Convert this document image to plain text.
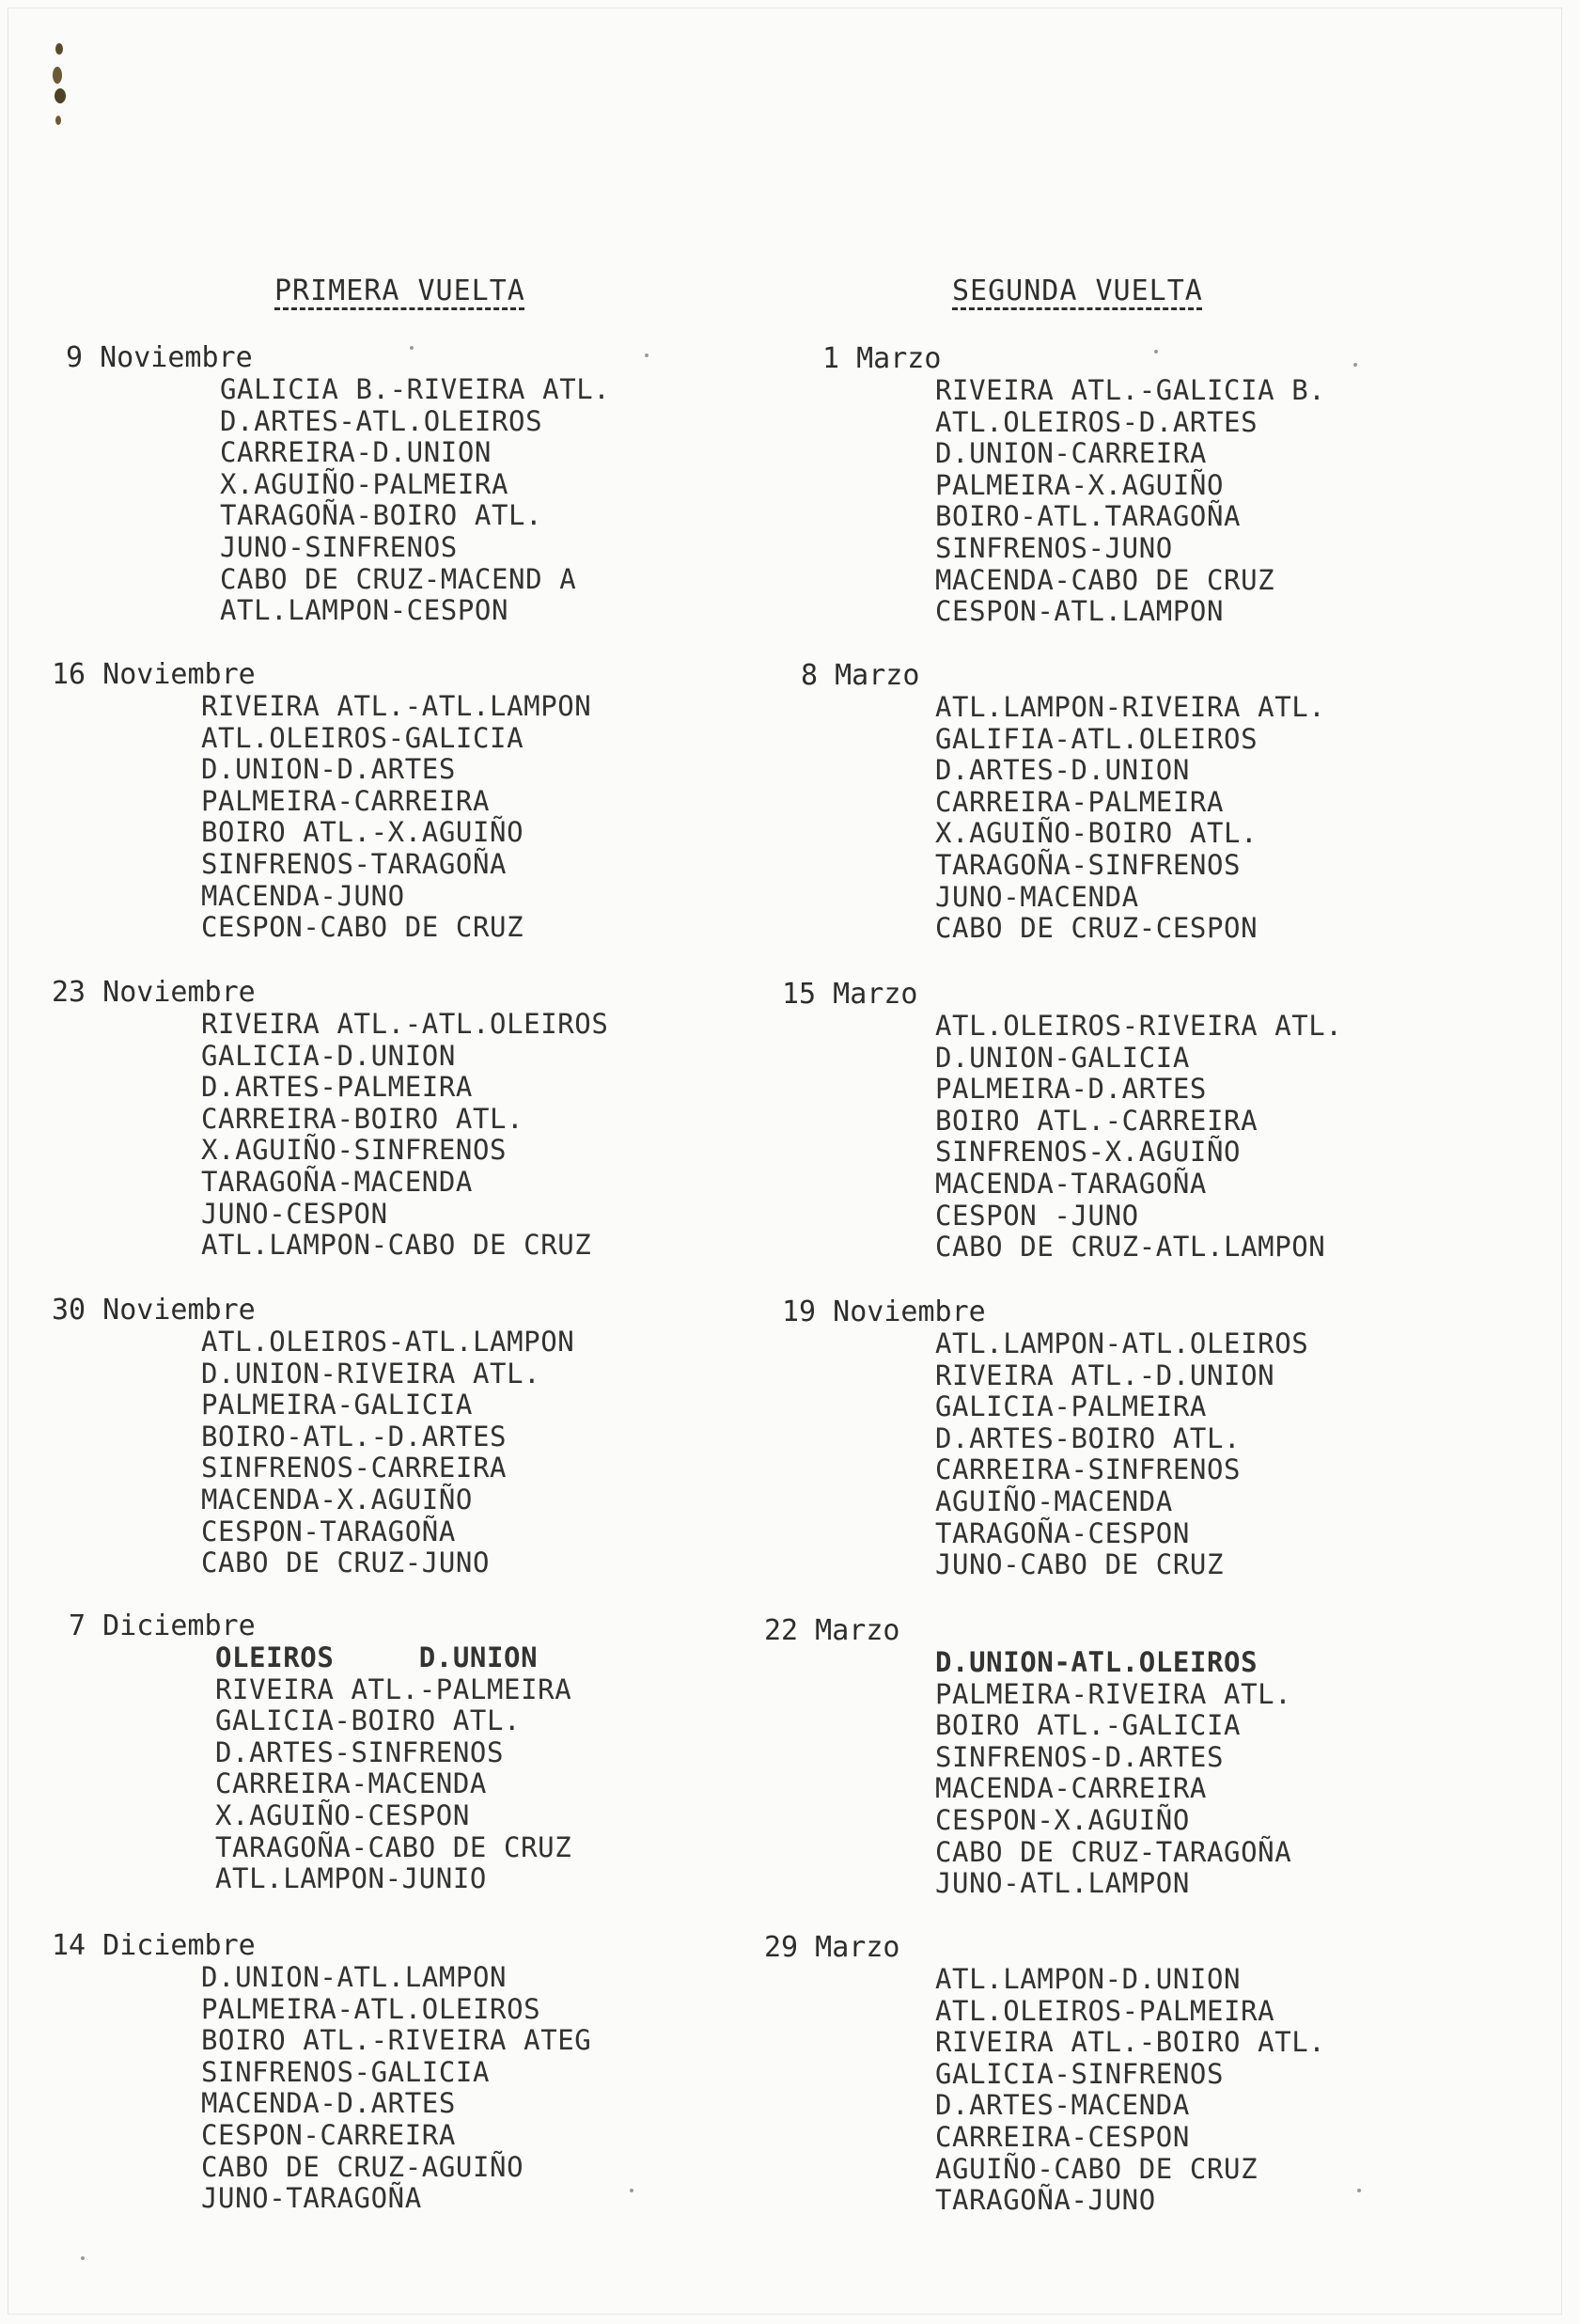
PRIMERA VUELTA	SEGUNDA VUELTA
9 Noviembre
GALICIA B.-RIVEIRA ATL.
D.ARTES-ATL.OLEIROS
CARREIRA-D.UNION
X.AGUIÑO-PALMEIRA
TARAGOÑA-BOIRO ATL.
JUNO-SINFRENOS
CABO DE CRUZ-MACEND A
ATL.LAMPON-CESPON
16 Noviembre
RIVEIRA ATL.-ATL.LAMPON
ATL.OLEIROS-GALICIA
D.UNION-D.ARTES
PALMEIRA-CARREIRA
BOIRO ATL.-X.AGUIÑO
SINFRENOS-TARAGOÑA
MACENDA-JUNO
CESPON-CABO DE CRUZ
23 Noviembre
RIVEIRA ATL.-ATL.OLEIROS
GALICIA-D.UNION
D.ARTES-PALMEIRA
CARREIRA-BOIRO ATL.
X.AGUIÑO-SINFRENOS
TARAGOÑA-MACENDA
JUNO-CESPON
ATL.LAMPON-CABO DE CRUZ
30 Noviembre
ATL.OLEIROS-ATL.LAMPON
D.UNION-RIVEIRA ATL.
PALMEIRA-GALICIA
BOIRO-ATL.-D.ARTES
SINFRENOS-CARREIRA
MACENDA-X.AGUIÑO
CESPON-TARAGOÑA
CABO DE CRUZ-JUNO
7 Diciembre
OLEIROS     D.UNION
RIVEIRA ATL.-PALMEIRA
GALICIA-BOIRO ATL.
D.ARTES-SINFRENOS
CARREIRA-MACENDA
X.AGUIÑO-CESPON
TARAGOÑA-CABO DE CRUZ
ATL.LAMPON-JUNIO
14 Diciembre
D.UNION-ATL.LAMPON
PALMEIRA-ATL.OLEIROS
BOIRO ATL.-RIVEIRA ATEG
SINFRENOS-GALICIA
MACENDA-D.ARTES
CESPON-CARREIRA
CABO DE CRUZ-AGUIÑO
JUNO-TARAGOÑA
1 Marzo
RIVEIRA ATL.-GALICIA B.
ATL.OLEIROS-D.ARTES
D.UNION-CARREIRA
PALMEIRA-X.AGUIÑO
BOIRO-ATL.TARAGOÑA
SINFRENOS-JUNO
MACENDA-CABO DE CRUZ
CESPON-ATL.LAMPON
8 Marzo
ATL.LAMPON-RIVEIRA ATL.
GALIFIA-ATL.OLEIROS
D.ARTES-D.UNION
CARREIRA-PALMEIRA
X.AGUIÑO-BOIRO ATL.
TARAGOÑA-SINFRENOS
JUNO-MACENDA
CABO DE CRUZ-CESPON
15 Marzo
ATL.OLEIROS-RIVEIRA ATL.
D.UNION-GALICIA
PALMEIRA-D.ARTES
BOIRO ATL.-CARREIRA
SINFRENOS-X.AGUIÑO
MACENDA-TARAGOÑA
CESPON -JUNO
CABO DE CRUZ-ATL.LAMPON
19 Noviembre
ATL.LAMPON-ATL.OLEIROS
RIVEIRA ATL.-D.UNION
GALICIA-PALMEIRA
D.ARTES-BOIRO ATL.
CARREIRA-SINFRENOS
AGUIÑO-MACENDA
TARAGOÑA-CESPON
JUNO-CABO DE CRUZ
22 Marzo
D.UNION-ATL.OLEIROS
PALMEIRA-RIVEIRA ATL.
BOIRO ATL.-GALICIA
SINFRENOS-D.ARTES
MACENDA-CARREIRA
CESPON-X.AGUIÑO
CABO DE CRUZ-TARAGOÑA
JUNO-ATL.LAMPON
29 Marzo
ATL.LAMPON-D.UNION
ATL.OLEIROS-PALMEIRA
RIVEIRA ATL.-BOIRO ATL.
GALICIA-SINFRENOS
D.ARTES-MACENDA
CARREIRA-CESPON
AGUIÑO-CABO DE CRUZ
TARAGOÑA-JUNO
